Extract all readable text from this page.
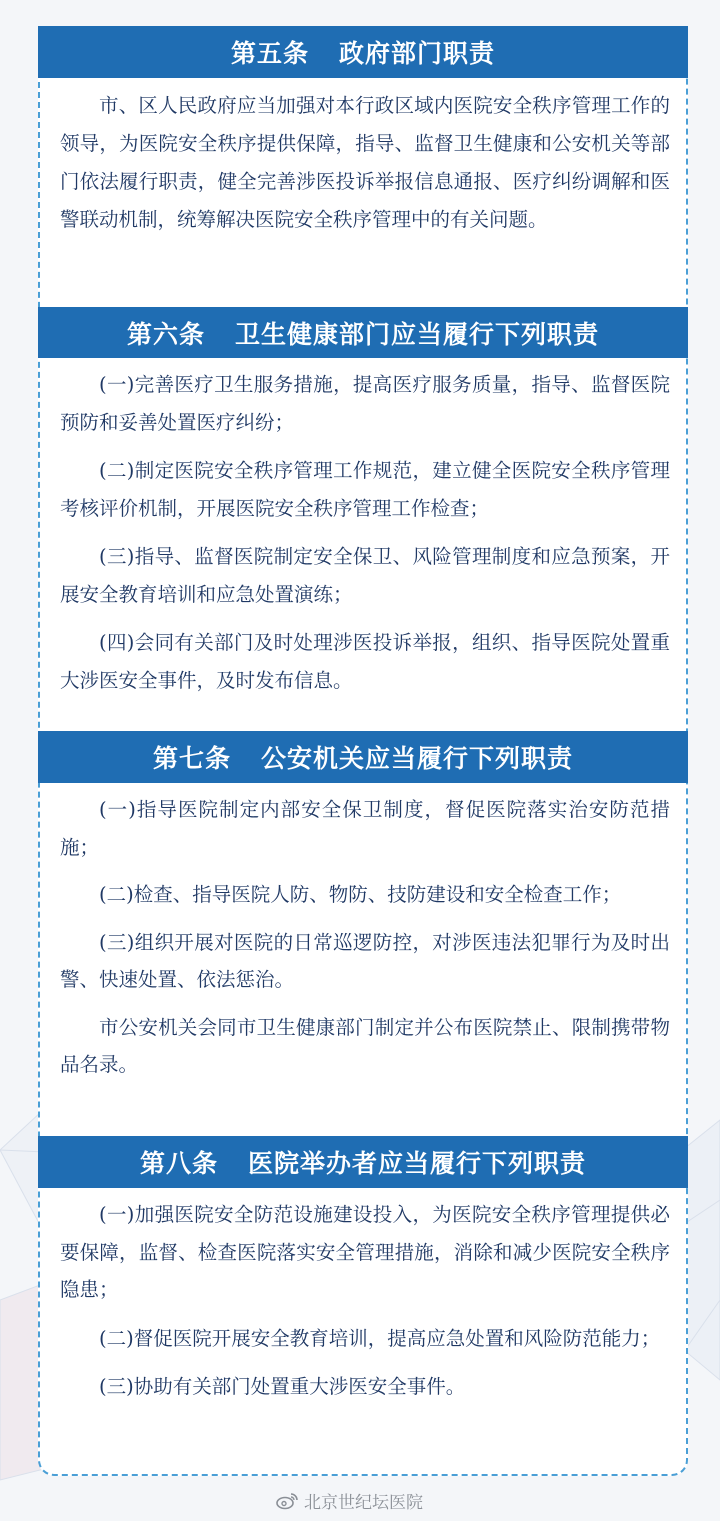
第五条 政府部门职责

市、区人民政府应当加强对本行政区域内医院安全秩序管理工作的领导，为医院安全秩序提供保障，指导、监督卫生健康和公安机关等部门依法履行职责，健全完善涉医投诉举报信息通报、医疗纠纷调解和医警联动机制，统筹解决医院安全秩序管理中的有关问题。

第六条 卫生健康部门应当履行下列职责

(一)完善医疗卫生服务措施，提高医疗服务质量，指导、监督医院预防和妥善处置医疗纠纷；

(二)制定医院安全秩序管理工作规范，建立健全医院安全秩序管理考核评价机制，开展医院安全秩序管理工作检查；

(三)指导、监督医院制定安全保卫、风险管理制度和应急预案，开展安全教育培训和应急处置演练；

(四)会同有关部门及时处理涉医投诉举报，组织、指导医院处置重大涉医安全事件，及时发布信息。

第七条 公安机关应当履行下列职责

(一)指导医院制定内部安全保卫制度，督促医院落实治安防范措施；

(二)检查、指导医院人防、物防、技防建设和安全检查工作；

(三)组织开展对医院的日常巡逻防控，对涉医违法犯罪行为及时出警、快速处置、依法惩治。

市公安机关会同市卫生健康部门制定并公布医院禁止、限制携带物品名录。

第八条 医院举办者应当履行下列职责

(一)加强医院安全防范设施建设投入，为医院安全秩序管理提供必要保障，监督、检查医院落实安全管理措施，消除和减少医院安全秩序隐患；

(二)督促医院开展安全教育培训，提高应急处置和风险防范能力；

(三)协助有关部门处置重大涉医安全事件。

北京世纪坛医院
